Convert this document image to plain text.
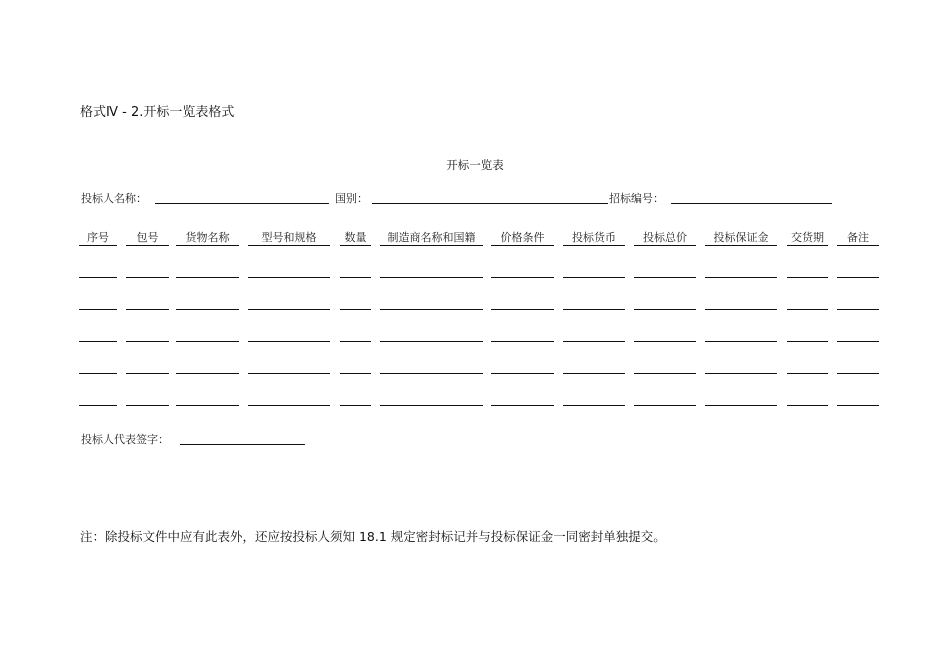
格式Ⅳ - 2.开标一览表格式
开标一览表
投标人名称：	国别：	招标编号：
序号	包号	货物名称	型号和规格	数量	制造商名称和国籍	价格条件	投标货币	投标总价	投标保证金	交货期	备注
投标人代表签字：
注：除投标文件中应有此表外，还应按投标人须知 18.1 规定密封标记并与投标保证金一同密封单独提交。
